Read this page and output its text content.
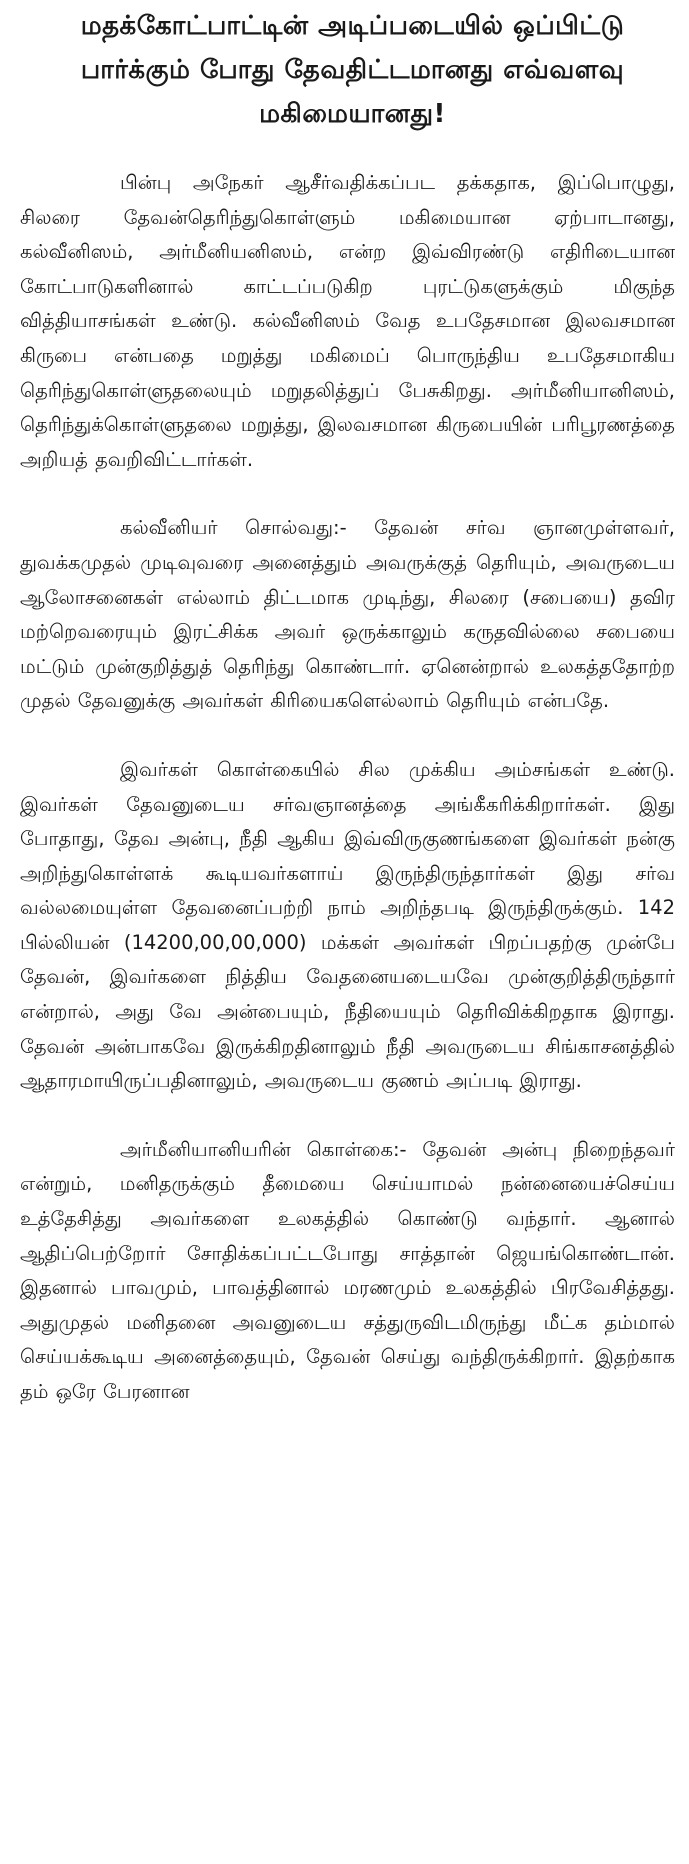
மதக்கோட்பாட்டின் அடிப்படையில் ஒப்பிட்டு பார்க்கும் போது தேவதிட்டமானது எவ்வளவு மகிமையானது!

பின்பு அநேகர் ஆசீர்வதிக்கப்பட தக்கதாக, இப்பொழுது, சிலரை தேவன்தெரிந்துகொள்ளும் மகிமையான ஏற்பாடானது, கல்வீனிஸம், அர்மீனியனிஸம், என்ற இவ்விரண்டு எதிரிடையான கோட்பாடுகளினால் காட்டப்படுகிற புரட்டுகளுக்கும் மிகுந்த வித்தியாசங்கள் உண்டு. கல்வீனிஸம் வேத உபதேசமான இலவசமான கிருபை என்பதை மறுத்து மகிமைப் பொருந்திய உபதேசமாகிய தெரிந்துகொள்ளுதலையும் மறுதலித்துப் பேசுகிறது. அர்மீனியானிஸம், தெரிந்துக்கொள்ளுதலை மறுத்து, இலவசமான கிருபையின் பரிபூரணத்தை அறியத் தவறிவிட்டார்கள்.

கல்வீனியர் சொல்வது:- தேவன் சர்வ ஞானமுள்ளவர், துவக்கமுதல் முடிவுவரை அனைத்தும் அவருக்குத் தெரியும், அவருடைய ஆலோசனைகள் எல்லாம் திட்டமாக முடிந்து, சிலரை (சபையை) தவிர மற்றெவரையும் இரட்சிக்க அவர் ஒருக்காலும் கருதவில்லை சபையை மட்டும் முன்குறித்துத் தெரிந்து கொண்டார். ஏனென்றால் உலகத்ததோற்ற முதல் தேவனுக்கு அவர்கள் கிரியைகளெல்லாம் தெரியும் என்பதே.

இவர்கள் கொள்கையில் சில முக்கிய அம்சங்கள் உண்டு. இவர்கள் தேவனுடைய சர்வஞானத்தை அங்கீகரிக்கிறார்கள். இது போதாது, தேவ அன்பு, நீதி ஆகிய இவ்விருகுணங்களை இவர்கள் நன்கு அறிந்துகொள்ளக் கூடியவர்களாய் இருந்திருந்தார்கள் இது சர்வ வல்லமையுள்ள தேவனைப்பற்றி நாம் அறிந்தபடி இருந்திருக்கும். 142 பில்லியன் (14200,00,00,000) மக்கள் அவர்கள் பிறப்பதற்கு முன்பே தேவன், இவர்களை நித்திய வேதனையடையவே முன்குறித்திருந்தார் என்றால், அது வே அன்பையும், நீதியையும் தெரிவிக்கிறதாக இராது. தேவன் அன்பாகவே இருக்கிறதினாலும் நீதி அவருடைய சிங்காசனத்தில் ஆதாரமாயிருப்பதினாலும், அவருடைய குணம் அப்படி இராது.

அர்மீனியானியரின் கொள்கை:- தேவன் அன்பு நிறைந்தவர் என்றும், மனிதருக்கும் தீமையை செய்யாமல் நன்னையைச்செய்ய உத்தேசித்து அவர்களை உலகத்தில் கொண்டு வந்தார். ஆனால் ஆதிப்பெற்றோர் சோதிக்கப்பட்டபோது சாத்தான் ஜெயங்கொண்டான். இதனால் பாவமும், பாவத்தினால் மரணமும் உலகத்தில் பிரவேசித்தது. அதுமுதல் மனிதனை அவனுடைய சத்துருவிடமிருந்து மீட்க தம்மால் செய்யக்கூடிய அனைத்தையும், தேவன் செய்து வந்திருக்கிறார். இதற்காக தம் ஒரே பேரனான
